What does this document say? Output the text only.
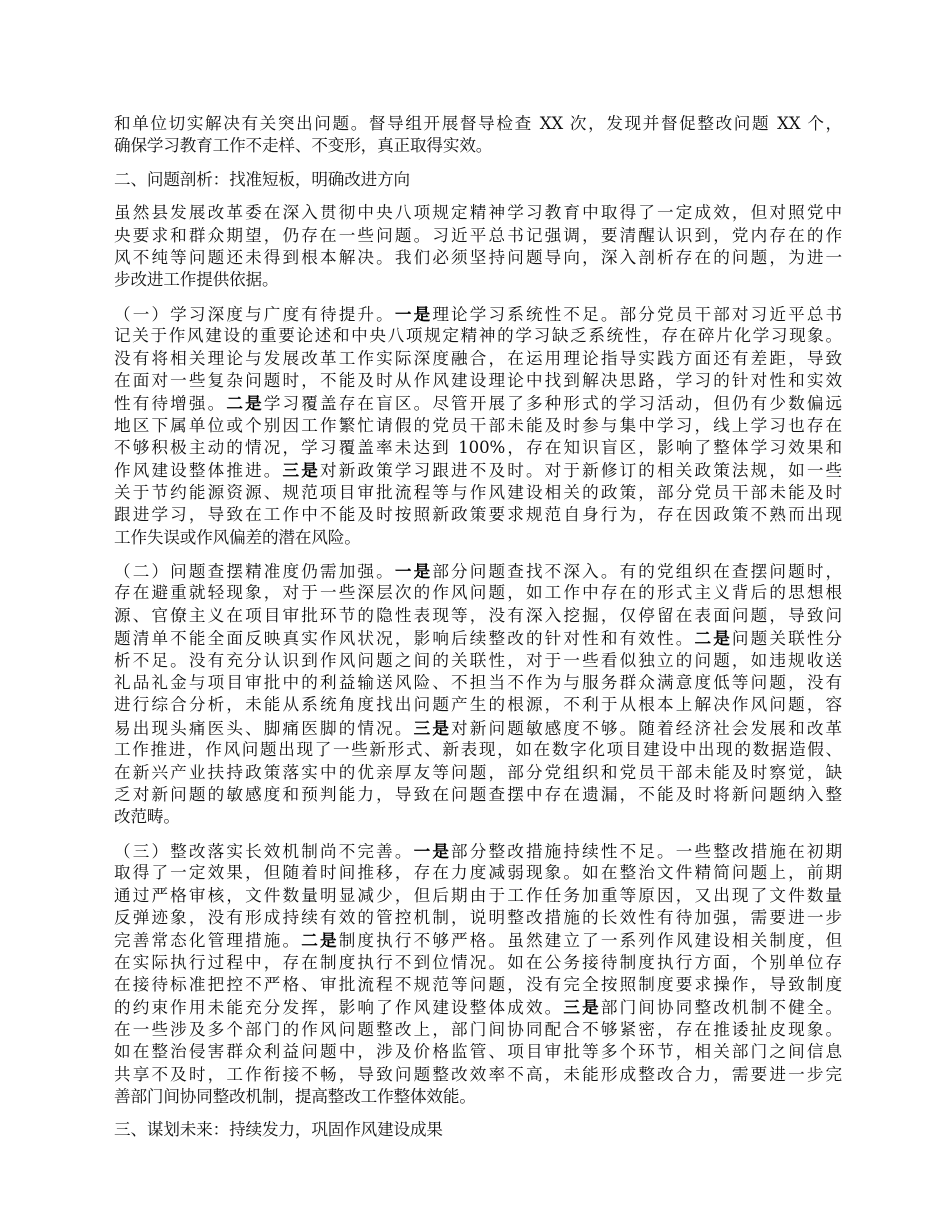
和单位切实解决有关突出问题。督导组开展督导检查 XX 次，发现并督促整改问题 XX 个，
确保学习教育工作不走样、不变形，真正取得实效。
二、问题剖析：找准短板，明确改进方向
虽然县发展改革委在深入贯彻中央八项规定精神学习教育中取得了一定成效，但对照党中
央要求和群众期望，仍存在一些问题。习近平总书记强调，要清醒认识到，党内存在的作
风不纯等问题还未得到根本解决。我们必须坚持问题导向，深入剖析存在的问题，为进一
步改进工作提供依据。
（一）学习深度与广度有待提升。一是理论学习系统性不足。部分党员干部对习近平总书
记关于作风建设的重要论述和中央八项规定精神的学习缺乏系统性，存在碎片化学习现象。
没有将相关理论与发展改革工作实际深度融合，在运用理论指导实践方面还有差距，导致
在面对一些复杂问题时，不能及时从作风建设理论中找到解决思路，学习的针对性和实效
性有待增强。二是学习覆盖存在盲区。尽管开展了多种形式的学习活动，但仍有少数偏远
地区下属单位或个别因工作繁忙请假的党员干部未能及时参与集中学习，线上学习也存在
不够积极主动的情况，学习覆盖率未达到 100%，存在知识盲区，影响了整体学习效果和
作风建设整体推进。三是对新政策学习跟进不及时。对于新修订的相关政策法规，如一些
关于节约能源资源、规范项目审批流程等与作风建设相关的政策，部分党员干部未能及时
跟进学习，导致在工作中不能及时按照新政策要求规范自身行为，存在因政策不熟而出现
工作失误或作风偏差的潜在风险。
（二）问题查摆精准度仍需加强。一是部分问题查找不深入。有的党组织在查摆问题时，
存在避重就轻现象，对于一些深层次的作风问题，如工作中存在的形式主义背后的思想根
源、官僚主义在项目审批环节的隐性表现等，没有深入挖掘，仅停留在表面问题，导致问
题清单不能全面反映真实作风状况，影响后续整改的针对性和有效性。二是问题关联性分
析不足。没有充分认识到作风问题之间的关联性，对于一些看似独立的问题，如违规收送
礼品礼金与项目审批中的利益输送风险、不担当不作为与服务群众满意度低等问题，没有
进行综合分析，未能从系统角度找出问题产生的根源，不利于从根本上解决作风问题，容
易出现头痛医头、脚痛医脚的情况。三是对新问题敏感度不够。随着经济社会发展和改革
工作推进，作风问题出现了一些新形式、新表现，如在数字化项目建设中出现的数据造假、
在新兴产业扶持政策落实中的优亲厚友等问题，部分党组织和党员干部未能及时察觉，缺
乏对新问题的敏感度和预判能力，导致在问题查摆中存在遗漏，不能及时将新问题纳入整
改范畴。
（三）整改落实长效机制尚不完善。一是部分整改措施持续性不足。一些整改措施在初期
取得了一定效果，但随着时间推移，存在力度减弱现象。如在整治文件精简问题上，前期
通过严格审核，文件数量明显减少，但后期由于工作任务加重等原因，又出现了文件数量
反弹迹象，没有形成持续有效的管控机制，说明整改措施的长效性有待加强，需要进一步
完善常态化管理措施。二是制度执行不够严格。虽然建立了一系列作风建设相关制度，但
在实际执行过程中，存在制度执行不到位情况。如在公务接待制度执行方面，个别单位存
在接待标准把控不严格、审批流程不规范等问题，没有完全按照制度要求操作，导致制度
的约束作用未能充分发挥，影响了作风建设整体成效。三是部门间协同整改机制不健全。
在一些涉及多个部门的作风问题整改上，部门间协同配合不够紧密，存在推诿扯皮现象。
如在整治侵害群众利益问题中，涉及价格监管、项目审批等多个环节，相关部门之间信息
共享不及时，工作衔接不畅，导致问题整改效率不高，未能形成整改合力，需要进一步完
善部门间协同整改机制，提高整改工作整体效能。
三、谋划未来：持续发力，巩固作风建设成果
